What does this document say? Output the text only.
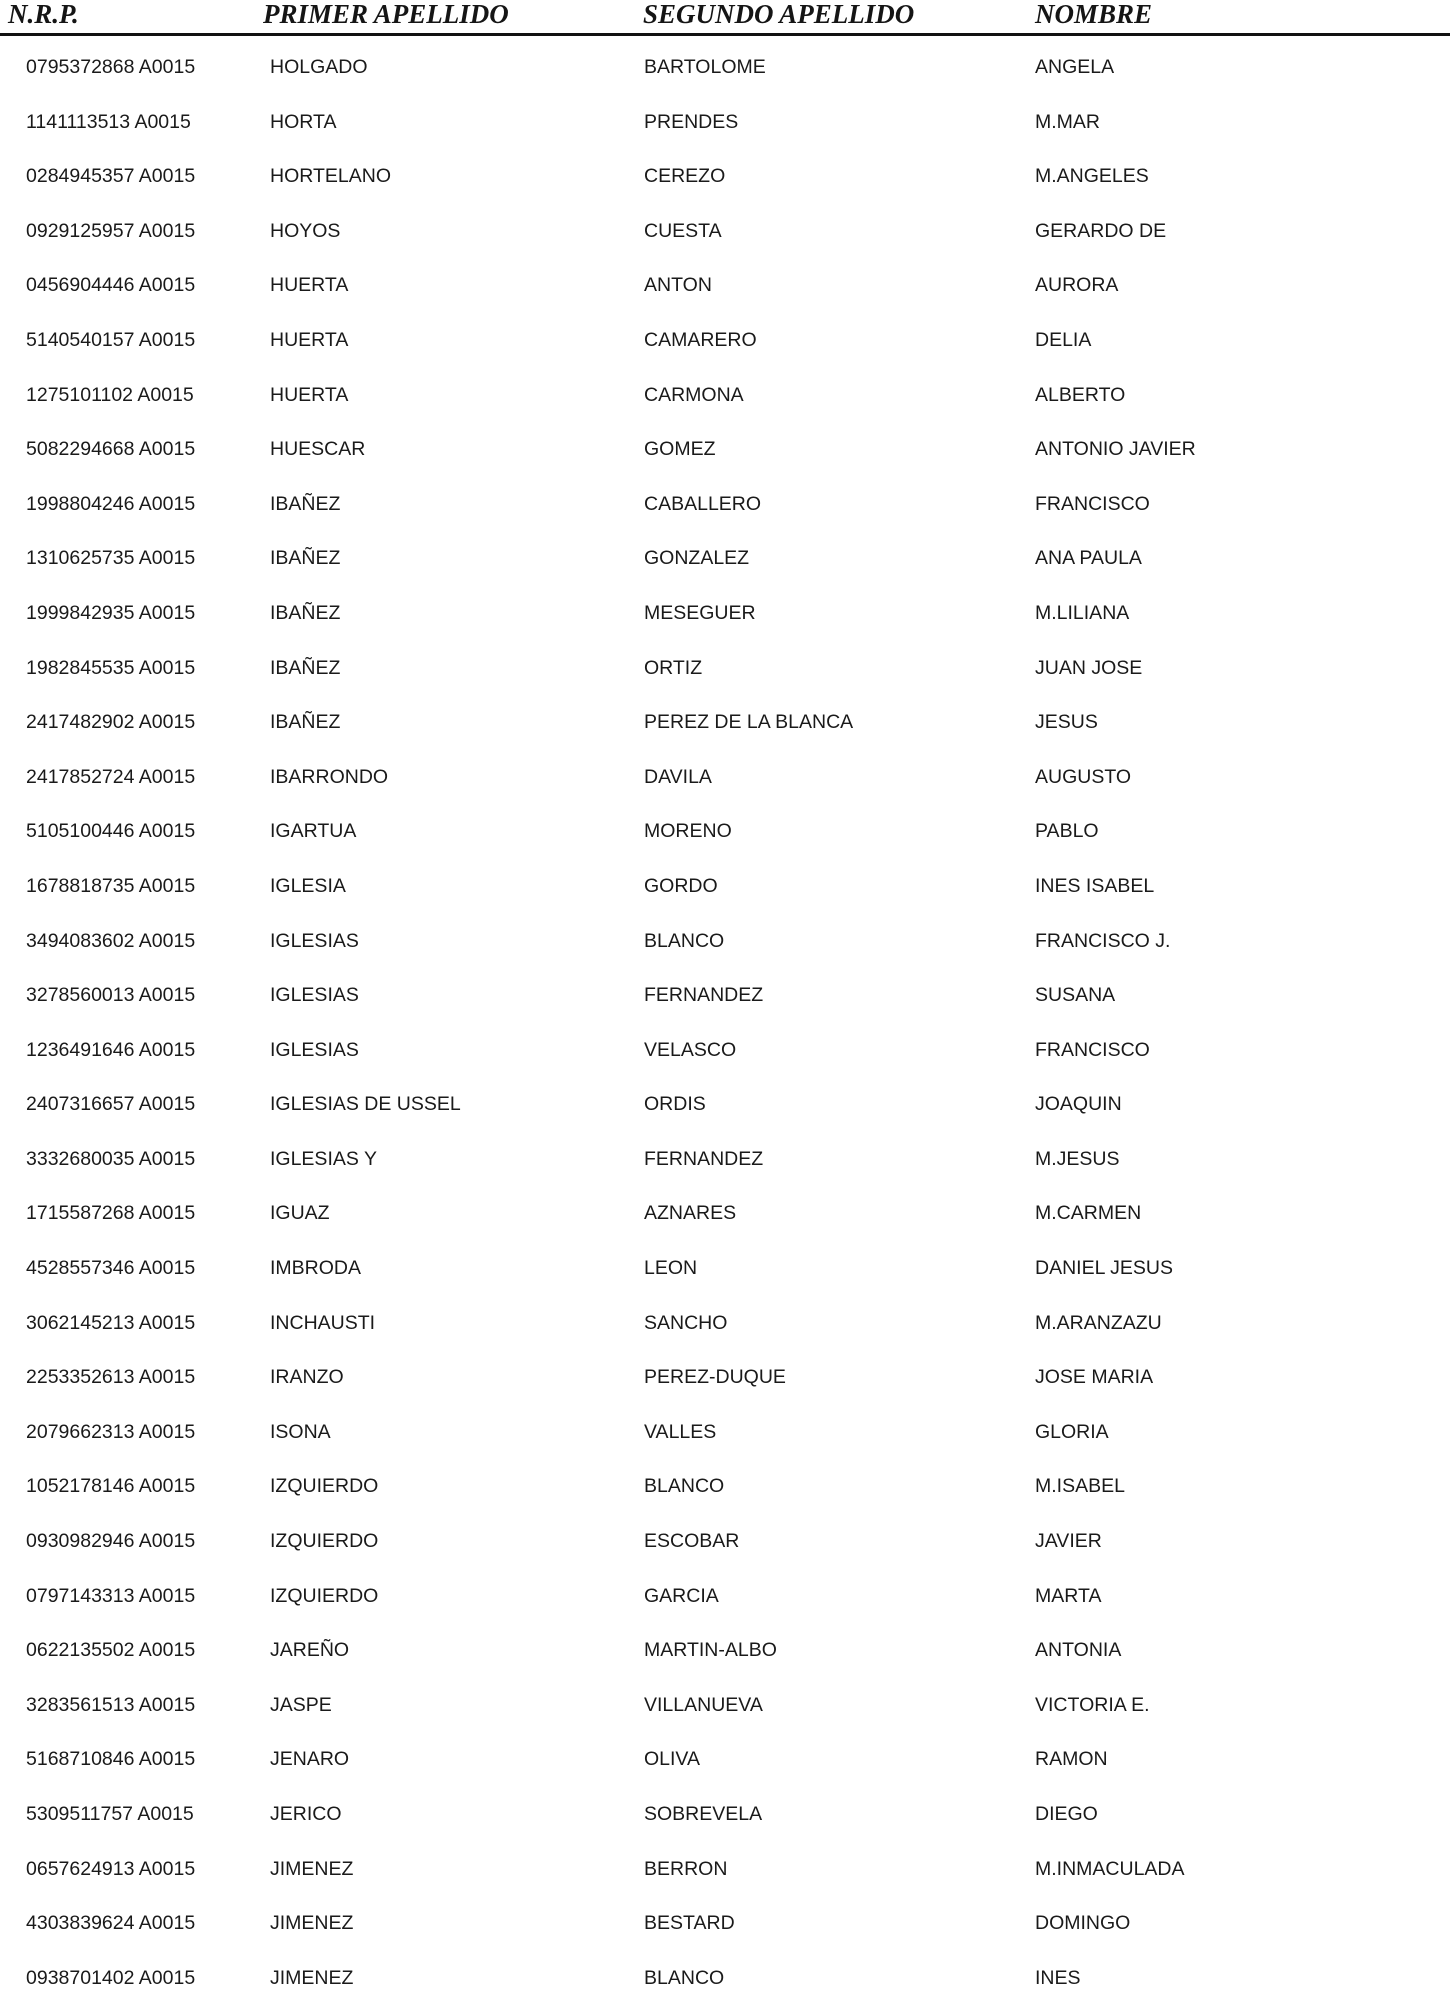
N.R.P.	PRIMER APELLIDO	SEGUNDO APELLIDO	NOMBRE
0795372868 A0015	HOLGADO	BARTOLOME	ANGELA
1141113513 A0015	HORTA	PRENDES	M.MAR
0284945357 A0015	HORTELANO	CEREZO	M.ANGELES
0929125957 A0015	HOYOS	CUESTA	GERARDO DE
0456904446 A0015	HUERTA	ANTON	AURORA
5140540157 A0015	HUERTA	CAMARERO	DELIA
1275101102 A0015	HUERTA	CARMONA	ALBERTO
5082294668 A0015	HUESCAR	GOMEZ	ANTONIO JAVIER
1998804246 A0015	IBAÑEZ	CABALLERO	FRANCISCO
1310625735 A0015	IBAÑEZ	GONZALEZ	ANA PAULA
1999842935 A0015	IBAÑEZ	MESEGUER	M.LILIANA
1982845535 A0015	IBAÑEZ	ORTIZ	JUAN JOSE
2417482902 A0015	IBAÑEZ	PEREZ DE LA BLANCA	JESUS
2417852724 A0015	IBARRONDO	DAVILA	AUGUSTO
5105100446 A0015	IGARTUA	MORENO	PABLO
1678818735 A0015	IGLESIA	GORDO	INES ISABEL
3494083602 A0015	IGLESIAS	BLANCO	FRANCISCO J.
3278560013 A0015	IGLESIAS	FERNANDEZ	SUSANA
1236491646 A0015	IGLESIAS	VELASCO	FRANCISCO
2407316657 A0015	IGLESIAS DE USSEL	ORDIS	JOAQUIN
3332680035 A0015	IGLESIAS Y	FERNANDEZ	M.JESUS
1715587268 A0015	IGUAZ	AZNARES	M.CARMEN
4528557346 A0015	IMBRODA	LEON	DANIEL JESUS
3062145213 A0015	INCHAUSTI	SANCHO	M.ARANZAZU
2253352613 A0015	IRANZO	PEREZ-DUQUE	JOSE MARIA
2079662313 A0015	ISONA	VALLES	GLORIA
1052178146 A0015	IZQUIERDO	BLANCO	M.ISABEL
0930982946 A0015	IZQUIERDO	ESCOBAR	JAVIER
0797143313 A0015	IZQUIERDO	GARCIA	MARTA
0622135502 A0015	JAREÑO	MARTIN-ALBO	ANTONIA
3283561513 A0015	JASPE	VILLANUEVA	VICTORIA E.
5168710846 A0015	JENARO	OLIVA	RAMON
5309511757 A0015	JERICO	SOBREVELA	DIEGO
0657624913 A0015	JIMENEZ	BERRON	M.INMACULADA
4303839624 A0015	JIMENEZ	BESTARD	DOMINGO
0938701402 A0015	JIMENEZ	BLANCO	INES
